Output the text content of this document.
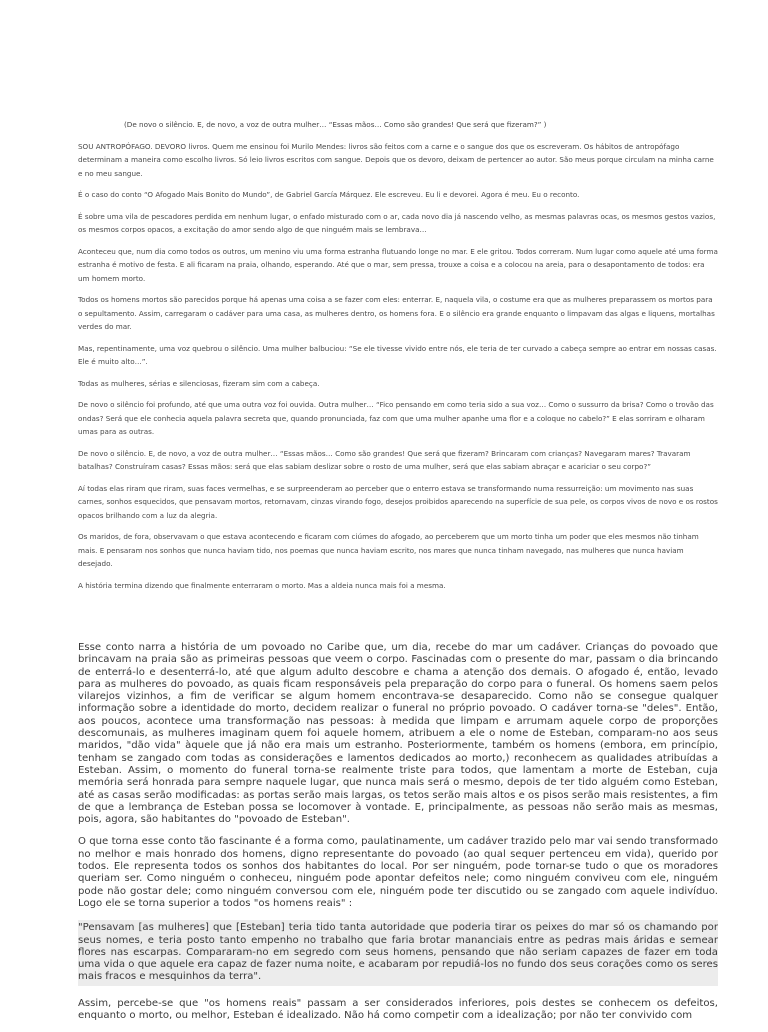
(De novo o silêncio. E, de novo, a voz de outra mulher… “Essas mãos… Como são grandes! Que será que fizeram?” )

SOU ANTROPÓFAGO. DEVORO livros. Quem me ensinou foi Murilo Mendes: livros são feitos com a carne e o sangue dos que os escreveram. Os hábitos de antropófago determinam a maneira como escolho livros. Só leio livros escritos com sangue. Depois que os devoro, deixam de pertencer ao autor. São meus porque circulam na minha carne e no meu sangue.

É o caso do conto “O Afogado Mais Bonito do Mundo”, de Gabriel García Márquez. Ele escreveu. Eu li e devorei. Agora é meu. Eu o reconto.

É sobre uma vila de pescadores perdida em nenhum lugar, o enfado misturado com o ar, cada novo dia já nascendo velho, as mesmas palavras ocas, os mesmos gestos vazios, os mesmos corpos opacos, a excitação do amor sendo algo de que ninguém mais se lembrava…

Aconteceu que, num dia como todos os outros, um menino viu uma forma estranha flutuando longe no mar. E ele gritou. Todos correram. Num lugar como aquele até uma forma estranha é motivo de festa. E ali ficaram na praia, olhando, esperando. Até que o mar, sem pressa, trouxe a coisa e a colocou na areia, para o desapontamento de todos: era um homem morto.

Todos os homens mortos são parecidos porque há apenas uma coisa a se fazer com eles: enterrar. E, naquela vila, o costume era que as mulheres preparassem os mortos para o sepultamento. Assim, carregaram o cadáver para uma casa, as mulheres dentro, os homens fora. E o silêncio era grande enquanto o limpavam das algas e liquens, mortalhas verdes do mar.

Mas, repentinamente, uma voz quebrou o silêncio. Uma mulher balbuciou: “Se ele tivesse vivido entre nós, ele teria de ter curvado a cabeça sempre ao entrar em nossas casas. Ele é muito alto…”.

Todas as mulheres, sérias e silenciosas, fizeram sim com a cabeça.

De novo o silêncio foi profundo, até que uma outra voz foi ouvida. Outra mulher… “Fico pensando em como teria sido a sua voz… Como o sussurro da brisa? Como o trovão das ondas? Será que ele conhecia aquela palavra secreta que, quando pronunciada, faz com que uma mulher apanhe uma flor e a coloque no cabelo?” E elas sorriram e olharam umas para as outras.

De novo o silêncio. E, de novo, a voz de outra mulher… “Essas mãos… Como são grandes! Que será que fizeram? Brincaram com crianças? Navegaram mares? Travaram batalhas? Construíram casas? Essas mãos: será que elas sabiam deslizar sobre o rosto de uma mulher, será que elas sabiam abraçar e acariciar o seu corpo?”

Aí todas elas riram que riram, suas faces vermelhas, e se surpreenderam ao perceber que o enterro estava se transformando numa ressurreição: um movimento nas suas carnes, sonhos esquecidos, que pensavam mortos, retornavam, cinzas virando fogo, desejos proibidos aparecendo na superfície de sua pele, os corpos vivos de novo e os rostos opacos brilhando com a luz da alegria.

Os maridos, de fora, observavam o que estava acontecendo e ficaram com ciúmes do afogado, ao perceberem que um morto tinha um poder que eles mesmos não tinham mais. E pensaram nos sonhos que nunca haviam tido, nos poemas que nunca haviam escrito, nos mares que nunca tinham navegado, nas mulheres que nunca haviam desejado.

A história termina dizendo que finalmente enterraram o morto. Mas a aldeia nunca mais foi a mesma.

Esse conto narra a história de um povoado no Caribe que, um dia, recebe do mar um cadáver. Crianças do povoado que brincavam na praia são as primeiras pessoas que veem o corpo. Fascinadas com o presente do mar, passam o dia brincando de enterrá-lo e desenterrá-lo, até que algum adulto descobre e chama a atenção dos demais. O afogado é, então, levado para as mulheres do povoado, as quais ficam responsáveis pela preparação do corpo para o funeral. Os homens saem pelos vilarejos vizinhos, a fim de verificar se algum homem encontrava-se desaparecido. Como não se consegue qualquer informação sobre a identidade do morto, decidem realizar o funeral no próprio povoado. O cadáver torna-se "deles". Então, aos poucos, acontece uma transformação nas pessoas: à medida que limpam e arrumam aquele corpo de proporções descomunais, as mulheres imaginam quem foi aquele homem, atribuem a ele o nome de Esteban, comparam-no aos seus maridos, "dão vida" àquele que já não era mais um estranho. Posteriormente, também os homens (embora, em princípio, tenham se zangado com todas as considerações e lamentos dedicados ao morto,) reconhecem as qualidades atribuídas a Esteban. Assim, o momento do funeral torna-se realmente triste para todos, que lamentam a morte de Esteban, cuja memória será honrada para sempre naquele lugar, que nunca mais será o mesmo, depois de ter tido alguém como Esteban, até as casas serão modificadas: as portas serão mais largas, os tetos serão mais altos e os pisos serão mais resistentes, a fim de que a lembrança de Esteban possa se locomover à vontade. E, principalmente, as pessoas não serão mais as mesmas, pois, agora, são habitantes do "povoado de Esteban".

O que torna esse conto tão fascinante é a forma como, paulatinamente, um cadáver trazido pelo mar vai sendo transformado no melhor e mais honrado dos homens, digno representante do povoado (ao qual sequer pertenceu em vida), querido por todos. Ele representa todos os sonhos dos habitantes do local. Por ser ninguém, pode tornar-se tudo o que os moradores queriam ser. Como ninguém o conheceu, ninguém pode apontar defeitos nele; como ninguém conviveu com ele, ninguém pode não gostar dele; como ninguém conversou com ele, ninguém pode ter discutido ou se zangado com aquele indivíduo. Logo ele se torna superior a todos "os homens reais" :

"Pensavam [as mulheres] que [Esteban] teria tido tanta autoridade que poderia tirar os peixes do mar só os chamando por seus nomes, e teria posto tanto empenho no trabalho que faria brotar mananciais entre as pedras mais áridas e semear flores nas escarpas. Compararam-no em segredo com seus homens, pensando que não seriam capazes de fazer em toda uma vida o que aquele era capaz de fazer numa noite, e acabaram por repudiá-los no fundo dos seus corações como os seres mais fracos e mesquinhos da terra".

Assim, percebe-se que "os homens reais" passam a ser considerados inferiores, pois destes se conhecem os defeitos, enquanto o morto, ou melhor, Esteban é idealizado. Não há como competir com a idealização; por não ter convivido com
